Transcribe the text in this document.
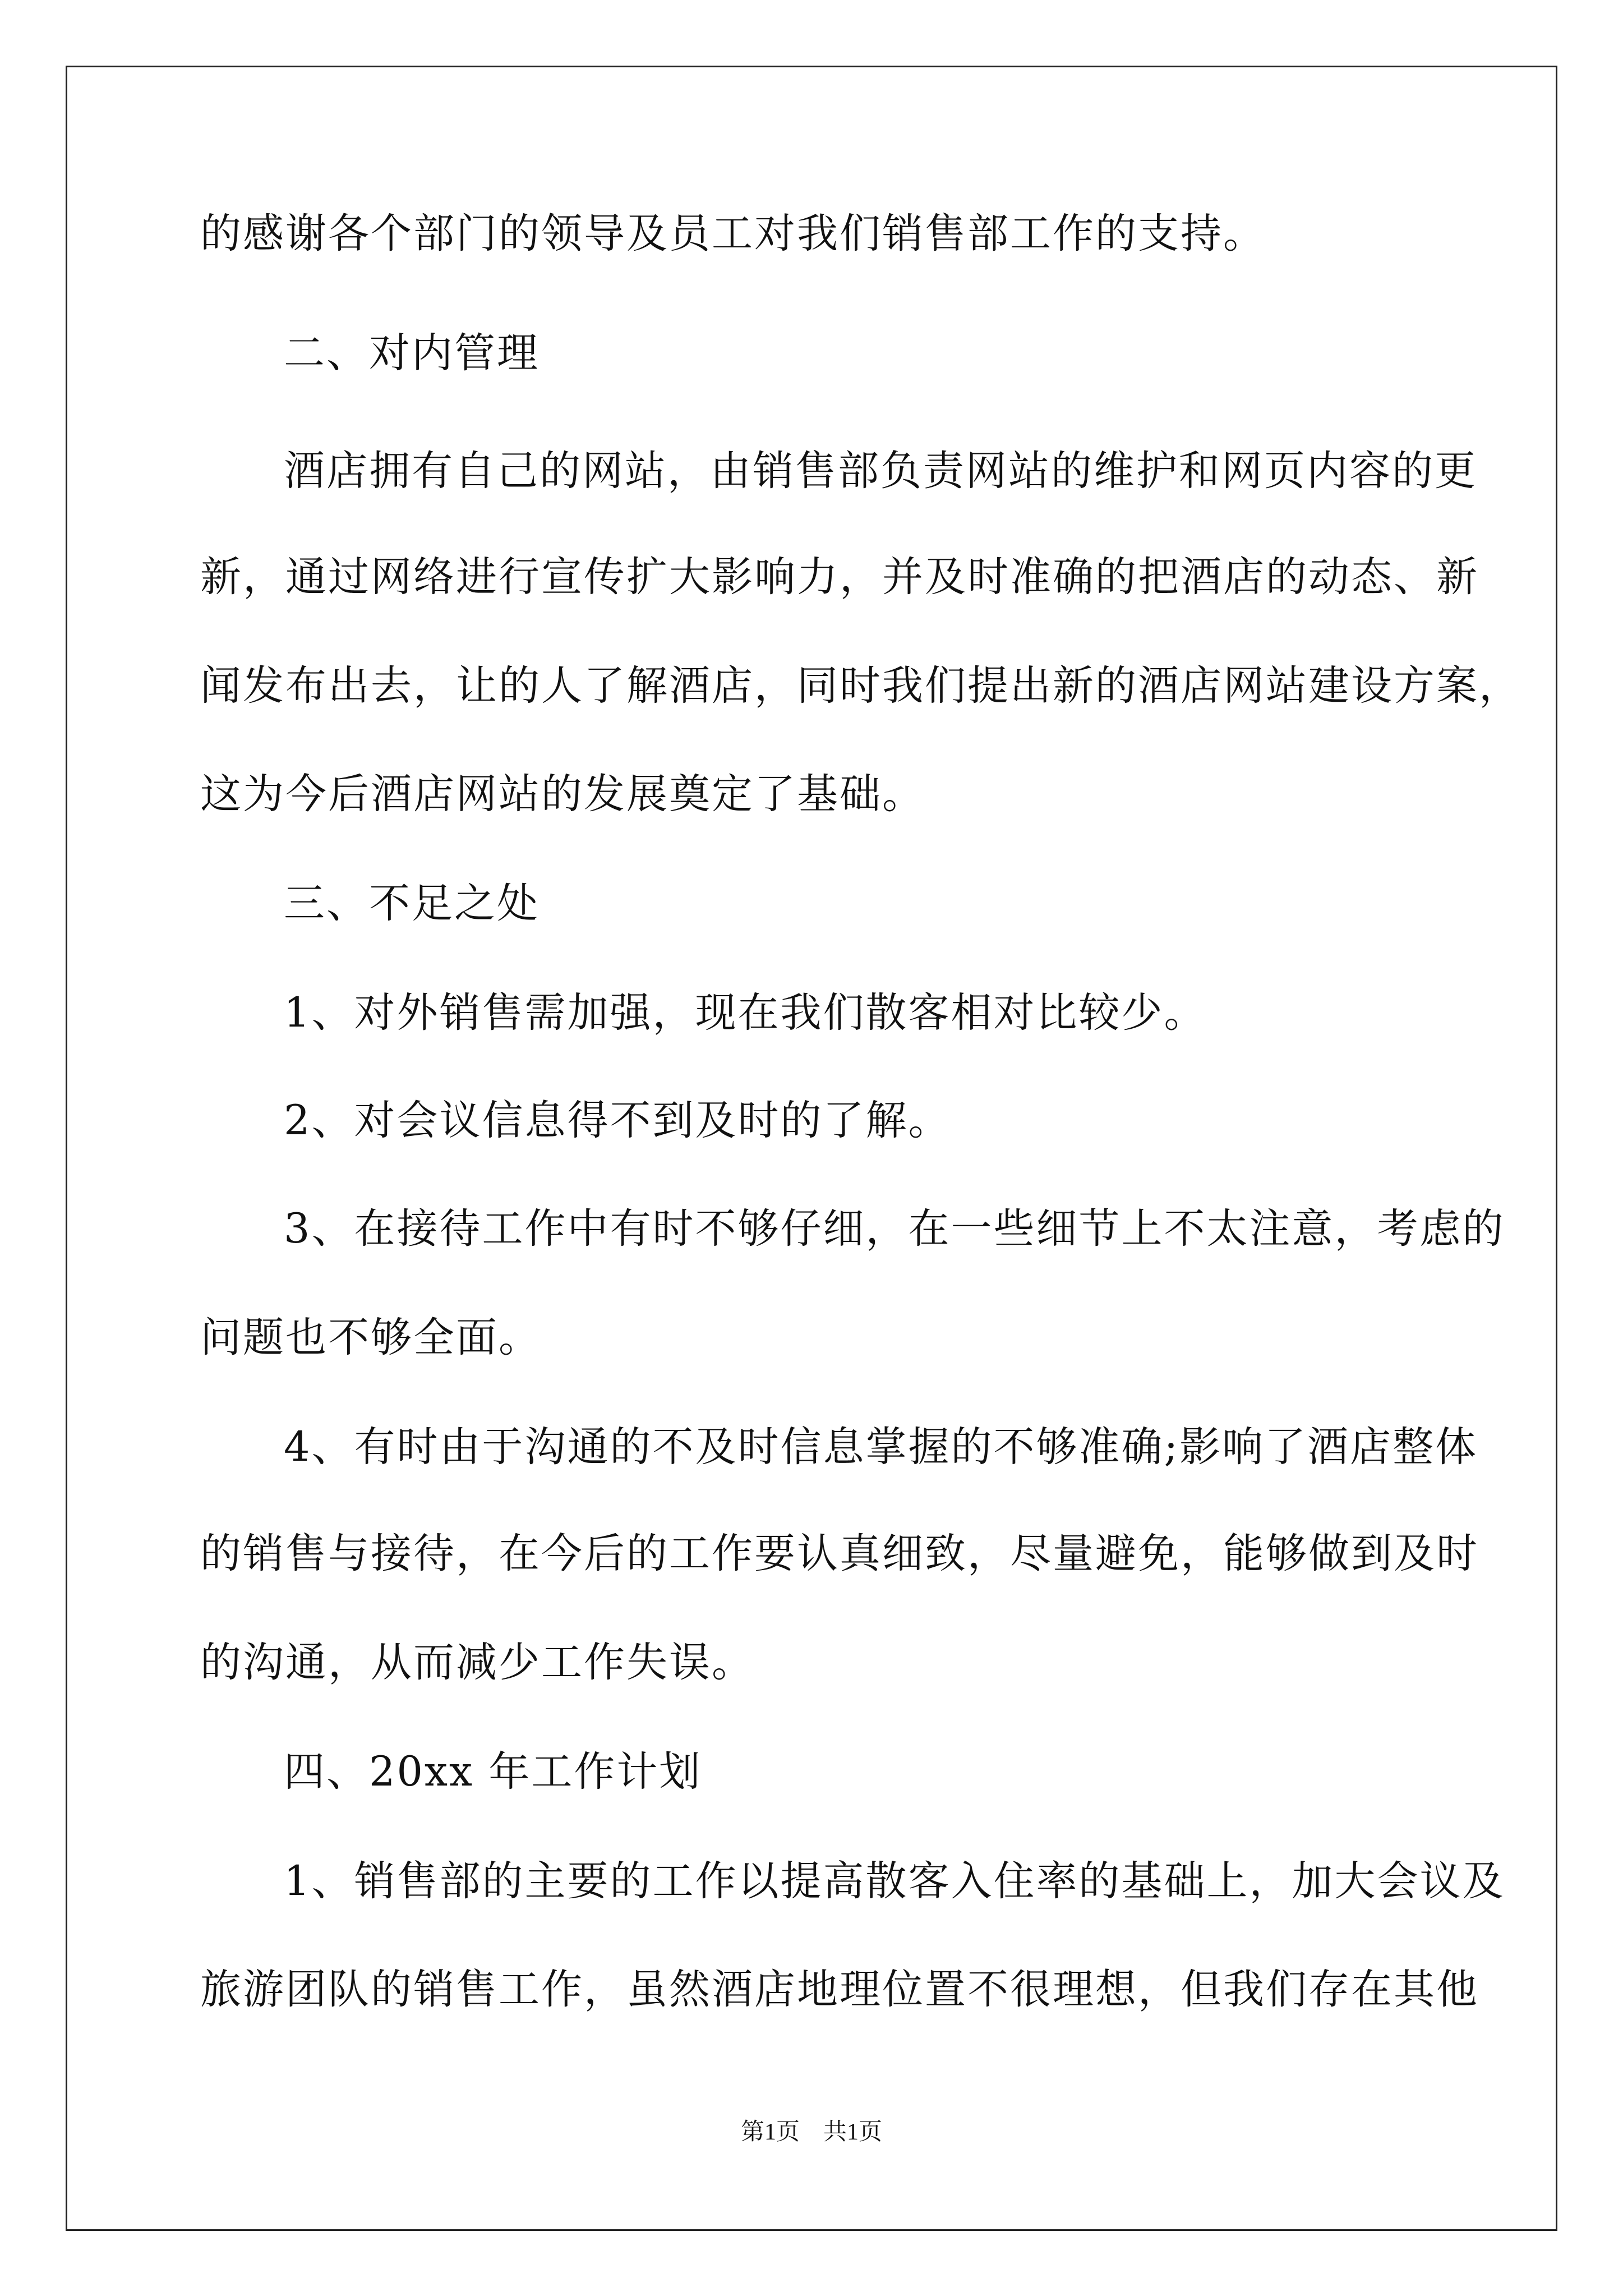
的感谢各个部门的领导及员工对我们销售部工作的支持。
二、对内管理
酒店拥有自己的网站，由销售部负责网站的维护和网页内容的更
新，通过网络进行宣传扩大影响力，并及时准确的把酒店的动态、新
闻发布出去，让的人了解酒店，同时我们提出新的酒店网站建设方案，
这为今后酒店网站的发展奠定了基础。
三、不足之处
1、对外销售需加强，现在我们散客相对比较少。
2、对会议信息得不到及时的了解。
3、在接待工作中有时不够仔细，在一些细节上不太注意，考虑的
问题也不够全面。
4、有时由于沟通的不及时信息掌握的不够准确;影响了酒店整体
的销售与接待，在今后的工作要认真细致，尽量避免，能够做到及时
的沟通，从而减少工作失误。
四、20xx 年工作计划
1、销售部的主要的工作以提高散客入住率的基础上，加大会议及
旅游团队的销售工作，虽然酒店地理位置不很理想，但我们存在其他
第1页 共1页
